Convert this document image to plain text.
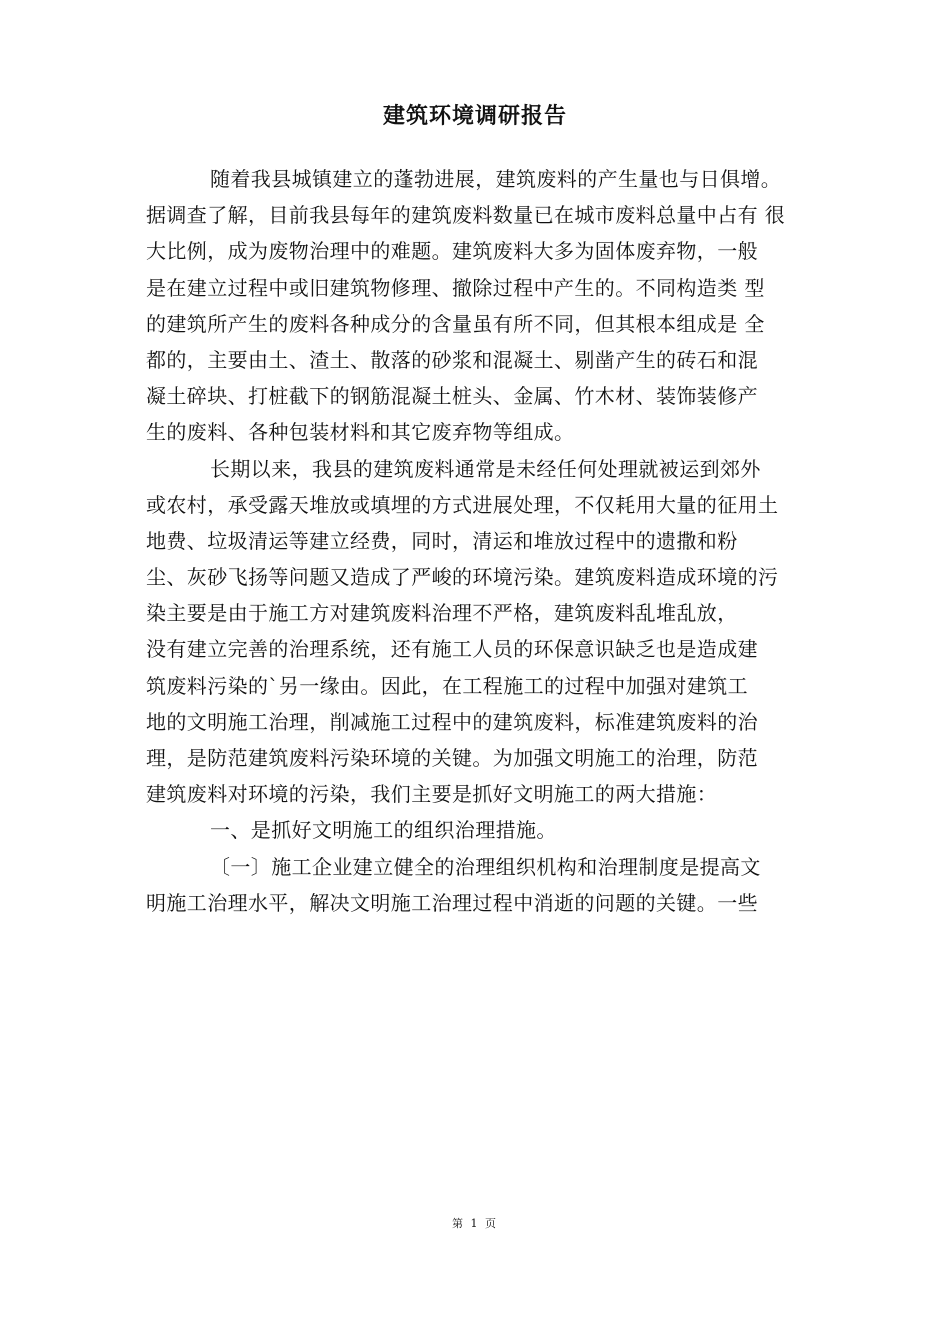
建筑环境调研报告
随着我县城镇建立的蓬勃进展，建筑废料的产生量也与日俱增。
据调查了解，目前我县每年的建筑废料数量已在城市废料总量中占有 很
大比例，成为废物治理中的难题。建筑废料大多为固体废弃物，一般
是在建立过程中或旧建筑物修理、撤除过程中产生的。不同构造类 型
的建筑所产生的废料各种成分的含量虽有所不同，但其根本组成是 全
都的，主要由土、渣土、散落的砂浆和混凝土、剔凿产生的砖石和混
凝土碎块、打桩截下的钢筋混凝土桩头、金属、竹木材、装饰装修产
生的废料、各种包装材料和其它废弃物等组成。
长期以来，我县的建筑废料通常是未经任何处理就被运到郊外
或农村，承受露天堆放或填埋的方式进展处理，不仅耗用大量的征用土
地费、垃圾清运等建立经费，同时，清运和堆放过程中的遗撒和粉
尘、灰砂飞扬等问题又造成了严峻的环境污染。建筑废料造成环境的污
染主要是由于施工方对建筑废料治理不严格，建筑废料乱堆乱放，
没有建立完善的治理系统，还有施工人员的环保意识缺乏也是造成建
筑废料污染的`另一缘由。因此，在工程施工的过程中加强对建筑工
地的文明施工治理，削减施工过程中的建筑废料，标准建筑废料的治
理，是防范建筑废料污染环境的关键。为加强文明施工的治理，防范
建筑废料对环境的污染，我们主要是抓好文明施工的两大措施：
一、是抓好文明施工的组织治理措施。
〔一〕施工企业建立健全的治理组织机构和治理制度是提高文
明施工治理水平，解决文明施工治理过程中消逝的问题的关键。一些
第 1 页
